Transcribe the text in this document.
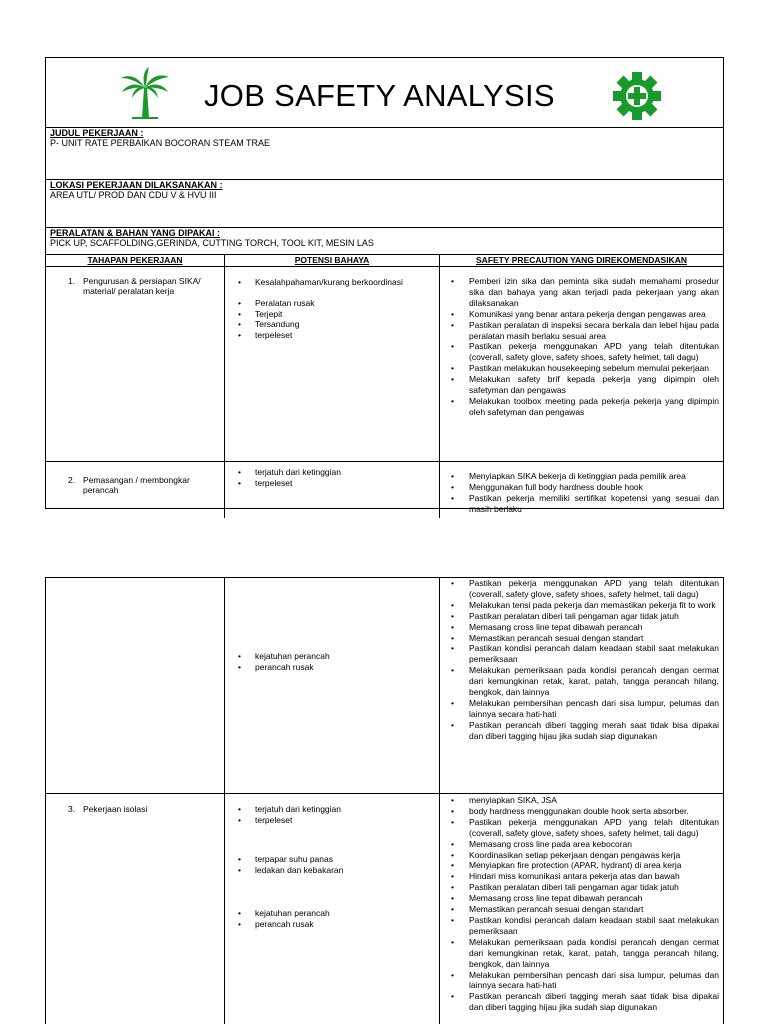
JOB SAFETY ANALYSIS
JUDUL PEKERJAAN :
P- UNIT RATE PERBAIKAN BOCORAN STEAM TRAE
LOKASI PEKERJAAN DILAKSANAKAN :
AREA UTL/ PROD DAN CDU V & HVU III
PERALATAN & BAHAN YANG DIPAKAI :
PICK UP, SCAFFOLDING,GERINDA, CUTTING TORCH, TOOL KIT, MESIN LAS
TAHAPAN PEKERJAAN	POTENSI BAHAYA	SAFETY PRECAUTION YANG DIREKOMENDASIKAN
1. Pengurusan & persiapan SIKA/ material/ peralatan kerja
• Kesalahpahaman/kurang berkoordinasi
• Peralatan rusak
• Terjepit
• Tersandung
• terpeleset
• Pemberi izin sika dan peminta sika sudah memahami prosedur sika dan bahaya yang akan terjadi pada pekerjaan yang akan dilaksanakan
• Komunikasi yang benar antara pekerja dengan pengawas area
• Pastikan peralatan di inspeksi secara berkala dan lebel hijau pada peralatan masih berlaku sesuai area
• Pastikan pekerja menggunakan APD yang telah ditentukan (coverall, safety glove, safety shoes, safety helmet, tali dagu)
• Pastikan melakukan housekeeping sebelum memulai pekerjaan
• Melakukan safety brif kepada pekerja yang dipimpin oleh safetyman dan pengawas
• Melakukan toolbox meeting pada pekerja pekerja yang dipimpin oleh safetyman dan pengawas
2. Pemasangan / membongkar perancah
• terjatuh dari ketinggian
• terpeleset
• Menyiapkan SIKA bekerja di ketinggian pada pemilik area
• Menggunakan full body hardness double hook
• Pastikan pekerja memiliki sertifikat kopetensi yang sesuai dan masih berlaku
• kejatuhan perancah
• perancah rusak
• Pastikan pekerja menggunakan APD yang telah ditentukan (coverall, safety glove, safety shoes, safety helmet, tali dagu)
• Melakukan tensi pada pekerja dan memastikan pekerja fit to work
• Pastikan peralatan diberi tali pengaman agar tidak jatuh
• Memasang cross line tepat dibawah perancah
• Memastikan perancah sesuai dengan standart
• Pastikan kondisi perancah dalam keadaan stabil saat melakukan pemeriksaan
• Melakukan pemeriksaan pada kondisi perancah dengan cermat dari kemungkinan retak, karat, patah, tangga perancah hilang, bengkok, dan lainnya
• Melakukan pembersihan pencash dari sisa lumpur, pelumas dan lainnya secara hati-hati
• Pastikan perancah diberi tagging merah saat tidak bisa dipakai dan diberi tagging hijau jika sudah siap digunakan
3. Pekerjaan isolasi
•	terjatuh dari ketinggian
• terpeleset
• terpapar suhu panas
• ledakan dan kebakaran
• kejatuhan perancah
• perancah rusak
• menyiapkan SIKA, JSA
• body hardness menggunakan double hook serta absorber.
• Pastikan pekerja menggunakan APD yang telah ditentukan (coverall, safety glove, safety shoes, safety helmet, tali dagu)
• Memasang cross line pada area kebocoran
• Koordinasikan setiap pekerjaan dengan pengawas kerja
• Menyiapkan fire protection (APAR, hydrant) di area kerja
• Hindari miss komunikasi antara pekerja atas dan bawah
• Pastikan peralatan diberi tali pengaman agar tidak jatuh
• Memasang cross line tepat dibawah perancah
• Memastikan perancah sesuai dengan standart
• Pastikan kondisi perancah dalam keadaan stabil saat melakukan pemeriksaan
• Melakukan pemeriksaan pada kondisi perancah dengan cermat dari kemungkinan retak, karat, patah, tangga perancah hilang, bengkok, dan lainnya
• Melakukan pembersihan pencash dari sisa lumpur, pelumas dan lainnya secara hati-hati
• Pastikan perancah diberi tagging merah saat tidak bisa dipakai dan diberi tagging hijau jika sudah siap digunakan
